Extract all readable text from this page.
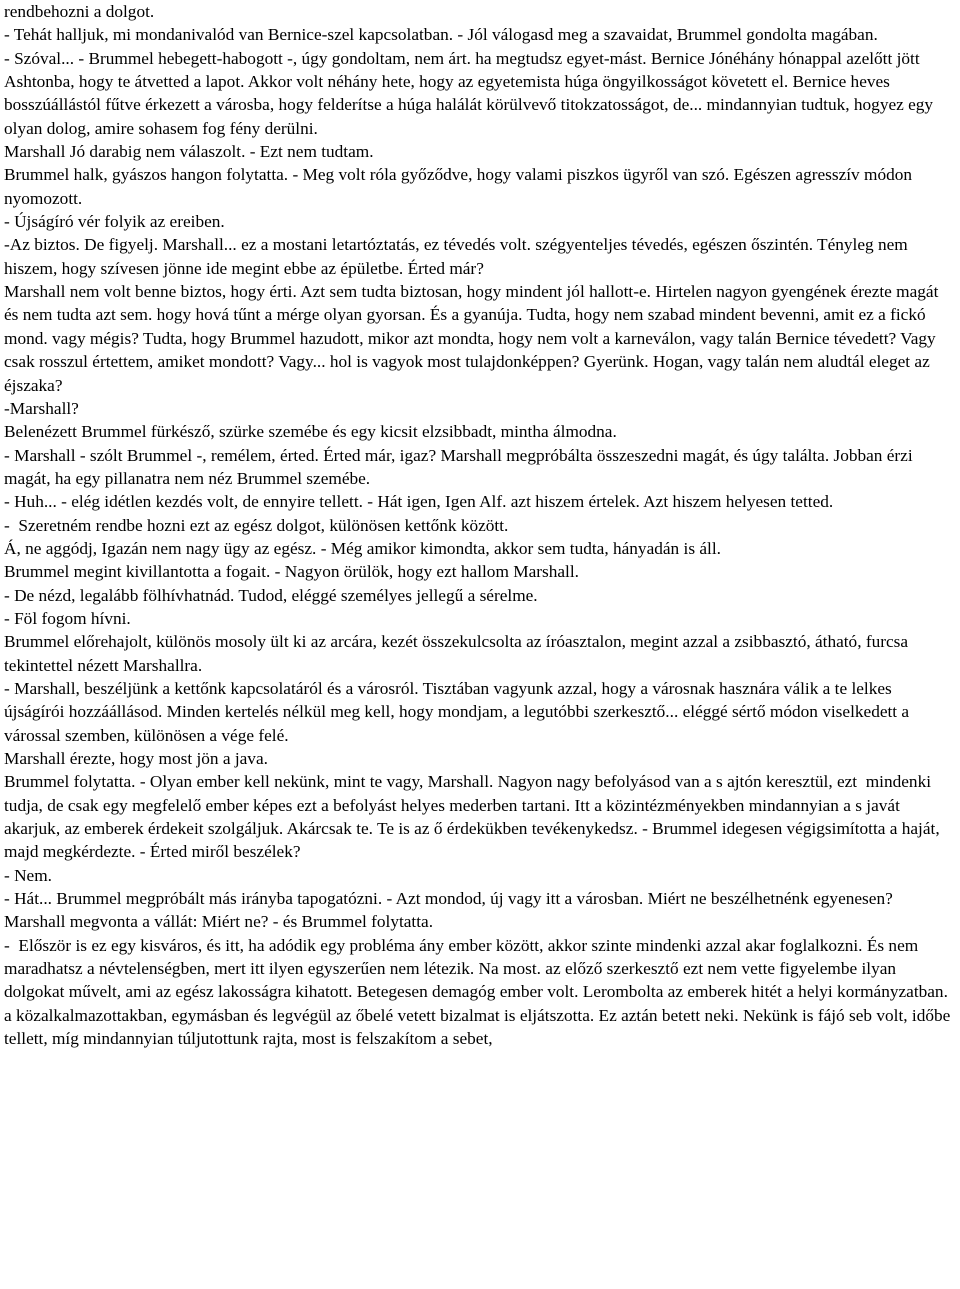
rendbehozni a dolgot.

- Tehát halljuk, mi mondanivalód van Bernice-szel kapcsolatban. - Jól válogasd meg a szavaidat, Brummel gondolta magában.

- Szóval... - Brummel hebegett-habogott -, úgy gondoltam, nem árt. ha megtudsz egyet-mást. Bernice Jónéhány hónappal azelőtt jött Ashtonba, hogy te átvetted a lapot. Akkor volt néhány hete, hogy az egyetemista húga öngyilkosságot követett el. Bernice heves bosszúállástól fűtve érkezett a városba, hogy felderítse a húga halálát körülvevő titokzatosságot, de... mindannyian tudtuk, hogyez egy olyan dolog, amire sohasem fog fény derülni.

Marshall Jó darabig nem válaszolt. - Ezt nem tudtam.

Brummel halk, gyászos hangon folytatta. - Meg volt róla győződve, hogy valami piszkos ügyről van szó. Egészen agresszív módon nyomozott.

- Újságíró vér folyik az ereiben.

-Az biztos. De figyelj. Marshall... ez a mostani letartóztatás, ez tévedés volt. szégyenteljes tévedés, egészen őszintén. Tényleg nem hiszem, hogy szívesen jönne ide megint ebbe az épületbe. Érted már?

Marshall nem volt benne biztos, hogy érti. Azt sem tudta biztosan, hogy mindent jól hallott-e. Hirtelen nagyon gyengének érezte magát és nem tudta azt sem. hogy hová tűnt a mérge olyan gyorsan. És a gyanúja. Tudta, hogy nem szabad mindent bevenni, amit ez a fickó mond. vagy mégis? Tudta, hogy Brummel hazudott, mikor azt mondta, hogy nem volt a karneválon, vagy talán Bernice tévedett? Vagy csak rosszul értettem, amiket mondott? Vagy... hol is vagyok most tulajdonképpen? Gyerünk. Hogan, vagy talán nem aludtál eleget az éjszaka?

-Marshall?

Belenézett Brummel fürkésző, szürke szemébe és egy kicsit elzsibbadt, mintha álmodna.

- Marshall - szólt Brummel -, remélem, érted. Érted már, igaz? Marshall megpróbálta összeszedni magát, és úgy találta. Jobban érzi magát, ha egy pillanatra nem néz Brummel szemébe.

- Huh... - elég idétlen kezdés volt, de ennyire tellett. - Hát igen, Igen Alf. azt hiszem értelek. Azt hiszem helyesen tetted.

-  Szeretném rendbe hozni ezt az egész dolgot, különösen kettőnk között.

Á, ne aggódj, Igazán nem nagy ügy az egész. - Még amikor kimondta, akkor sem tudta, hányadán is áll.

Brummel megint kivillantotta a fogait. - Nagyon örülök, hogy ezt hallom Marshall.

- De nézd, legalább fölhívhatnád. Tudod, eléggé személyes jellegű a sérelme.

- Föl fogom hívni.

Brummel előrehajolt, különös mosoly ült ki az arcára, kezét összekulcsolta az íróasztalon, megint azzal a zsibbasztó, átható, furcsa tekintettel nézett Marshallra.

- Marshall, beszéljünk a kettőnk kapcsolatáról és a városról. Tisztában vagyunk azzal, hogy a városnak hasznára válik a te lelkes újságírói hozzáállásod. Minden kertelés nélkül meg kell, hogy mondjam, a legutóbbi szerkesztő... eléggé sértő módon viselkedett a várossal szemben, különösen a vége felé.

Marshall érezte, hogy most jön a java.

Brummel folytatta. - Olyan ember kell nekünk, mint te vagy, Marshall. Nagyon nagy befolyásod van a s ajtón keresztül, ezt  mindenki tudja, de csak egy megfelelő ember képes ezt a befolyást helyes mederben tartani. Itt a közintézményekben mindannyian a s javát akarjuk, az emberek érdekeit szolgáljuk. Akárcsak te. Te is az ő érdekükben tevékenykedsz. - Brummel idegesen végigsimította a haját, majd megkérdezte. - Érted miről beszélek?

- Nem.

- Hát... Brummel megpróbált más irányba tapogatózni. - Azt mondod, új vagy itt a városban. Miért ne beszélhetnénk egyenesen? Marshall megvonta a vállát: Miért ne? - és Brummel folytatta.

-  Először is ez egy kisváros, és itt, ha adódik egy probléma ány ember között, akkor szinte mindenki azzal akar foglalkozni. És nem maradhatsz a névtelenségben, mert itt ilyen egyszerűen nem létezik. Na most. az előző szerkesztő ezt nem vette figyelembe ilyan dolgokat művelt, ami az egész lakosságra kihatott. Betegesen demagóg ember volt. Lerombolta az emberek hitét a helyi kormányzatban. a közalkalmazottakban, egymásban és legvégül az őbelé vetett bizalmat is eljátszotta. Ez aztán betett neki. Nekünk is fájó seb volt, időbe tellett, míg mindannyian túljutottunk rajta, most is felszakítom a sebet,
